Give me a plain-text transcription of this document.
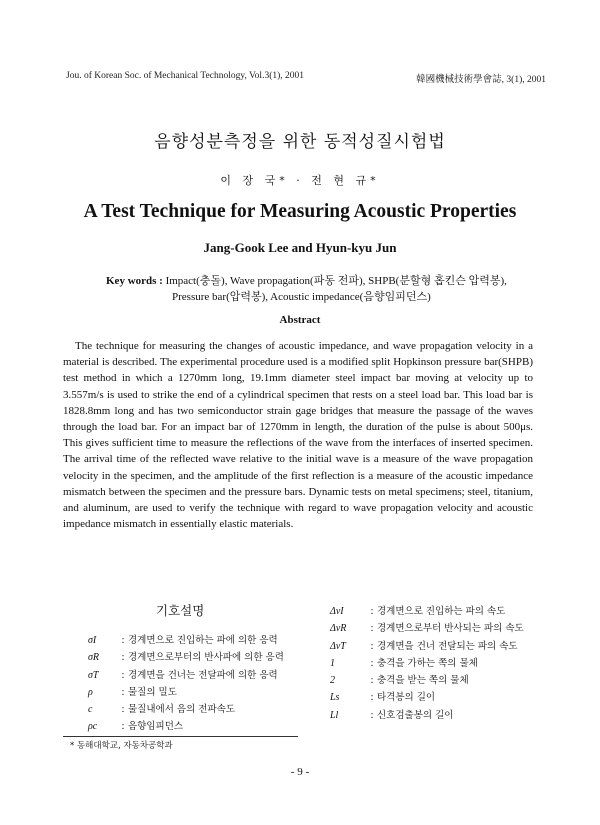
Jou. of Korean Soc. of Mechanical Technology, Vol.3(1), 2001	韓國機械技術學會誌, 3(1), 2001
음향성분측정을 위한 동적성질시험법
이 장 국* · 전 현 규*
A Test Technique for Measuring Acoustic Properties
Jang-Gook Lee and Hyun-kyu Jun
Key words : Impact(충돌), Wave propagation(파동 전파), SHPB(분할형 홉킨슨 압력봉),
Pressure bar(압력봉), Acoustic impedance(음향임피던스)
Abstract

The technique for measuring the changes of acoustic impedance, and wave propagation velocity in a material is described. The experimental procedure used is a modified split Hopkinson pressure bar(SHPB) test method in which a 1270mm long, 19.1mm diameter steel impact bar moving at velocity up to 3.557m/s is used to strike the end of a cylindrical specimen that rests on a steel load bar. This load bar is 1828.8mm long and has two semiconductor strain gage bridges that measure the passage of the waves through the load bar. For an impact bar of 1270mm in length, the duration of the pulse is about 500μs. This gives sufficient time to measure the reflections of the wave from the interfaces of inserted specimen. The arrival time of the reflected wave relative to the initial wave is a measure of the wave propagation velocity in the specimen, and the amplitude of the first reflection is a measure of the acoustic impedance mismatch between the specimen and the pressure bars. Dynamic tests on metal specimens; steel, titanium, and aluminum, are used to verify the technique with regard to wave propagation velocity and acoustic impedance mismatch in essentially elastic materials.

기호설명
σI	: 경계면으로 진입하는 파에 의한 응력
σR : 경계면으로부터의 반사파에 의한 응력
σT : 경계면을 건너는 전달파에 의한 응력
ρ	: 물질의 밀도
c	: 물질내에서 음의 전파속도
ρc : 음향임피던스
ΔvI	: 경계면으로 진입하는 파의 속도
ΔvR : 경계면으로부터 반사되는 파의 속도
ΔvT : 경계면을 건너 전달되는 파의 속도
1	: 충격을 가하는 쪽의 물체
2	: 충격을 받는 쪽의 물체
Ls	: 타격봉의 길이
Ll	: 신호검출봉의 길이
* 동해대학교, 자동차공학과
- 9 -
